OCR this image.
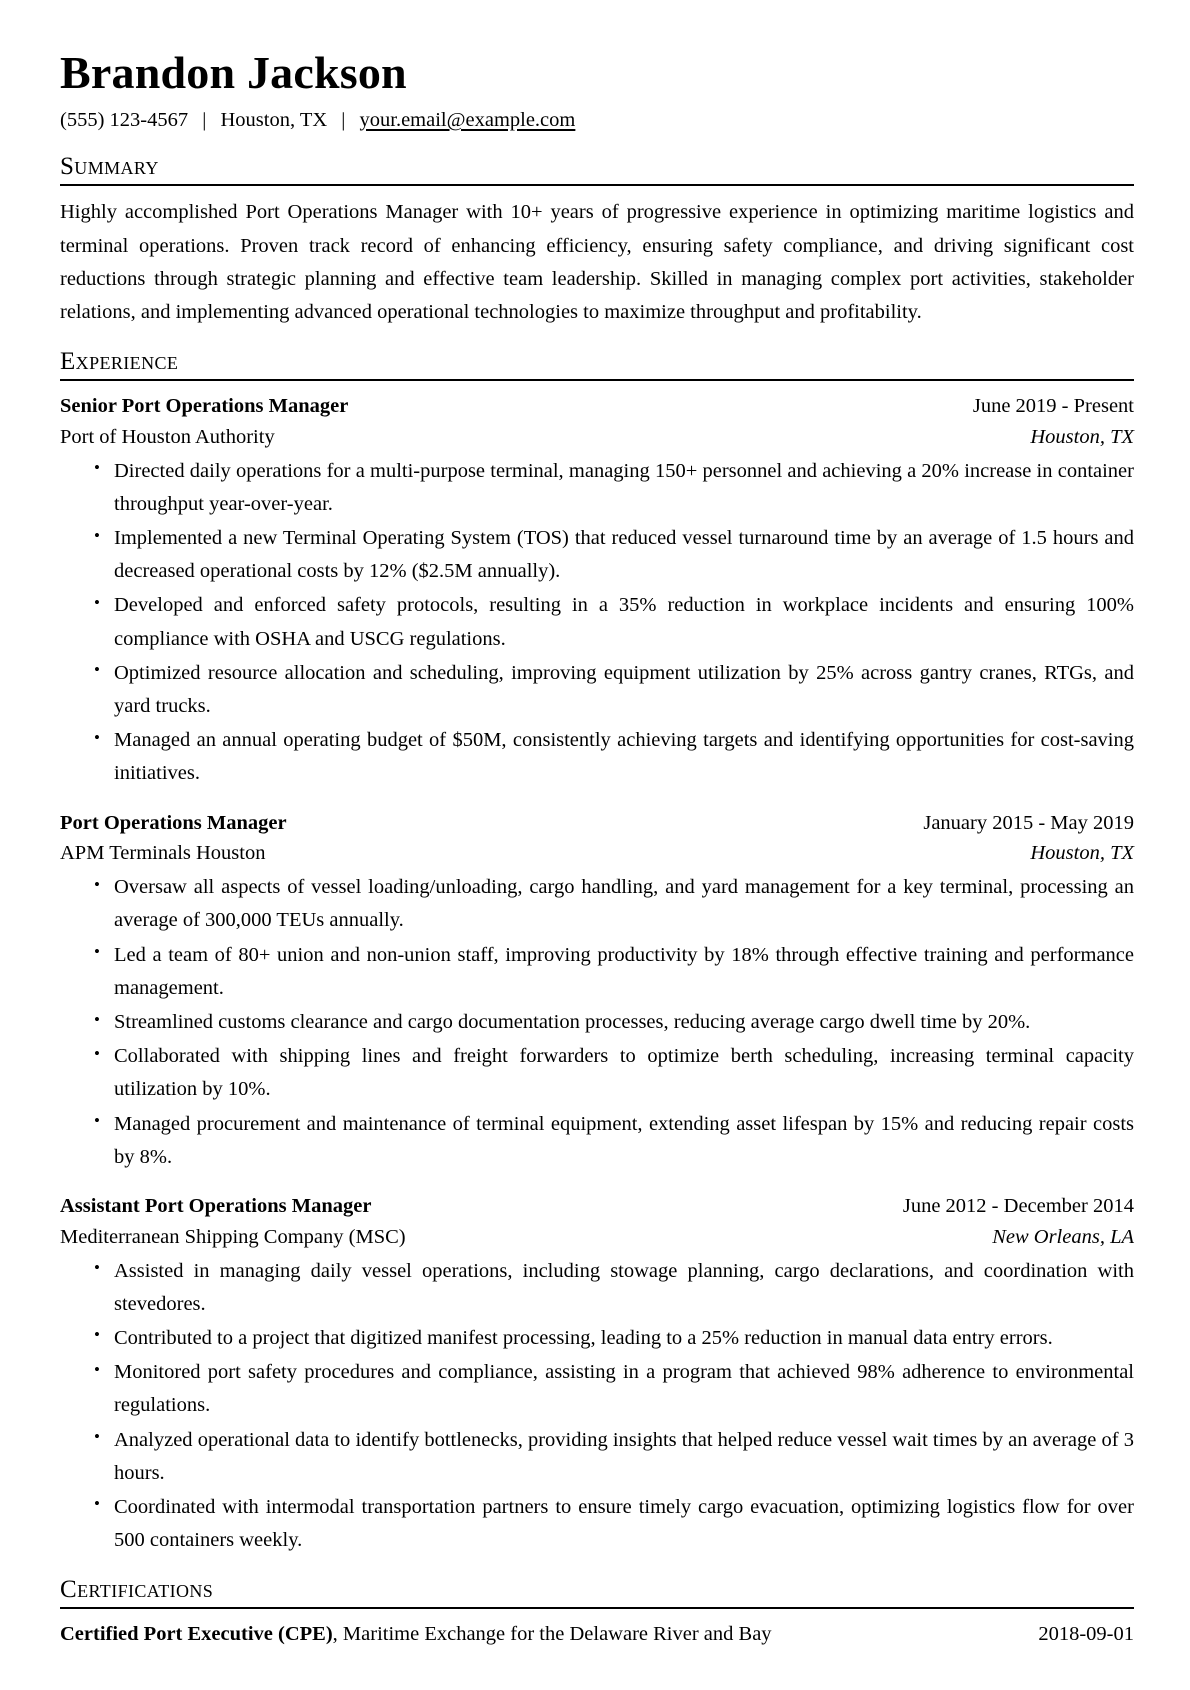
Brandon Jackson
(555) 123-4567 | Houston, TX | your.email@example.com
Summary

Highly accomplished Port Operations Manager with 10+ years of progressive experience in optimizing maritime logistics and terminal operations. Proven track record of enhancing efficiency, ensuring safety compliance, and driving significant cost reductions through strategic planning and effective team leadership. Skilled in managing complex port activities, stakeholder relations, and implementing advanced operational technologies to maximize throughput and profitability.

Experience
Senior Port Operations Manager	June 2019 - Present
Port of Houston Authority	Houston, TX
• Directed daily operations for a multi-purpose terminal, managing 150+ personnel and achieving a 20% increase in container throughput year-over-year.
• Implemented a new Terminal Operating System (TOS) that reduced vessel turnaround time by an average of 1.5 hours and decreased operational costs by 12% ($2.5M annually).
• Developed and enforced safety protocols, resulting in a 35% reduction in workplace incidents and ensuring 100% compliance with OSHA and USCG regulations.
• Optimized resource allocation and scheduling, improving equipment utilization by 25% across gantry cranes, RTGs, and yard trucks.
• Managed an annual operating budget of $50M, consistently achieving targets and identifying opportunities for cost-saving initiatives.
Port Operations Manager	January 2015 - May 2019
APM Terminals Houston	Houston, TX
• Oversaw all aspects of vessel loading/unloading, cargo handling, and yard management for a key terminal, processing an average of 300,000 TEUs annually.
• Led a team of 80+ union and non-union staff, improving productivity by 18% through effective training and performance management.
• Streamlined customs clearance and cargo documentation processes, reducing average cargo dwell time by 20%.
• Collaborated with shipping lines and freight forwarders to optimize berth scheduling, increasing terminal capacity utilization by 10%.
• Managed procurement and maintenance of terminal equipment, extending asset lifespan by 15% and reducing repair costs by 8%.
Assistant Port Operations Manager	June 2012 - December 2014
Mediterranean Shipping Company (MSC)	New Orleans, LA
• Assisted in managing daily vessel operations, including stowage planning, cargo declarations, and coordination with stevedores.
• Contributed to a project that digitized manifest processing, leading to a 25% reduction in manual data entry errors.
• Monitored port safety procedures and compliance, assisting in a program that achieved 98% adherence to environmental regulations.
• Analyzed operational data to identify bottlenecks, providing insights that helped reduce vessel wait times by an average of 3 hours.
• Coordinated with intermodal transportation partners to ensure timely cargo evacuation, optimizing logistics flow for over 500 containers weekly.
Certifications
Certified Port Executive (CPE), Maritime Exchange for the Delaware River and Bay	2018-09-01
